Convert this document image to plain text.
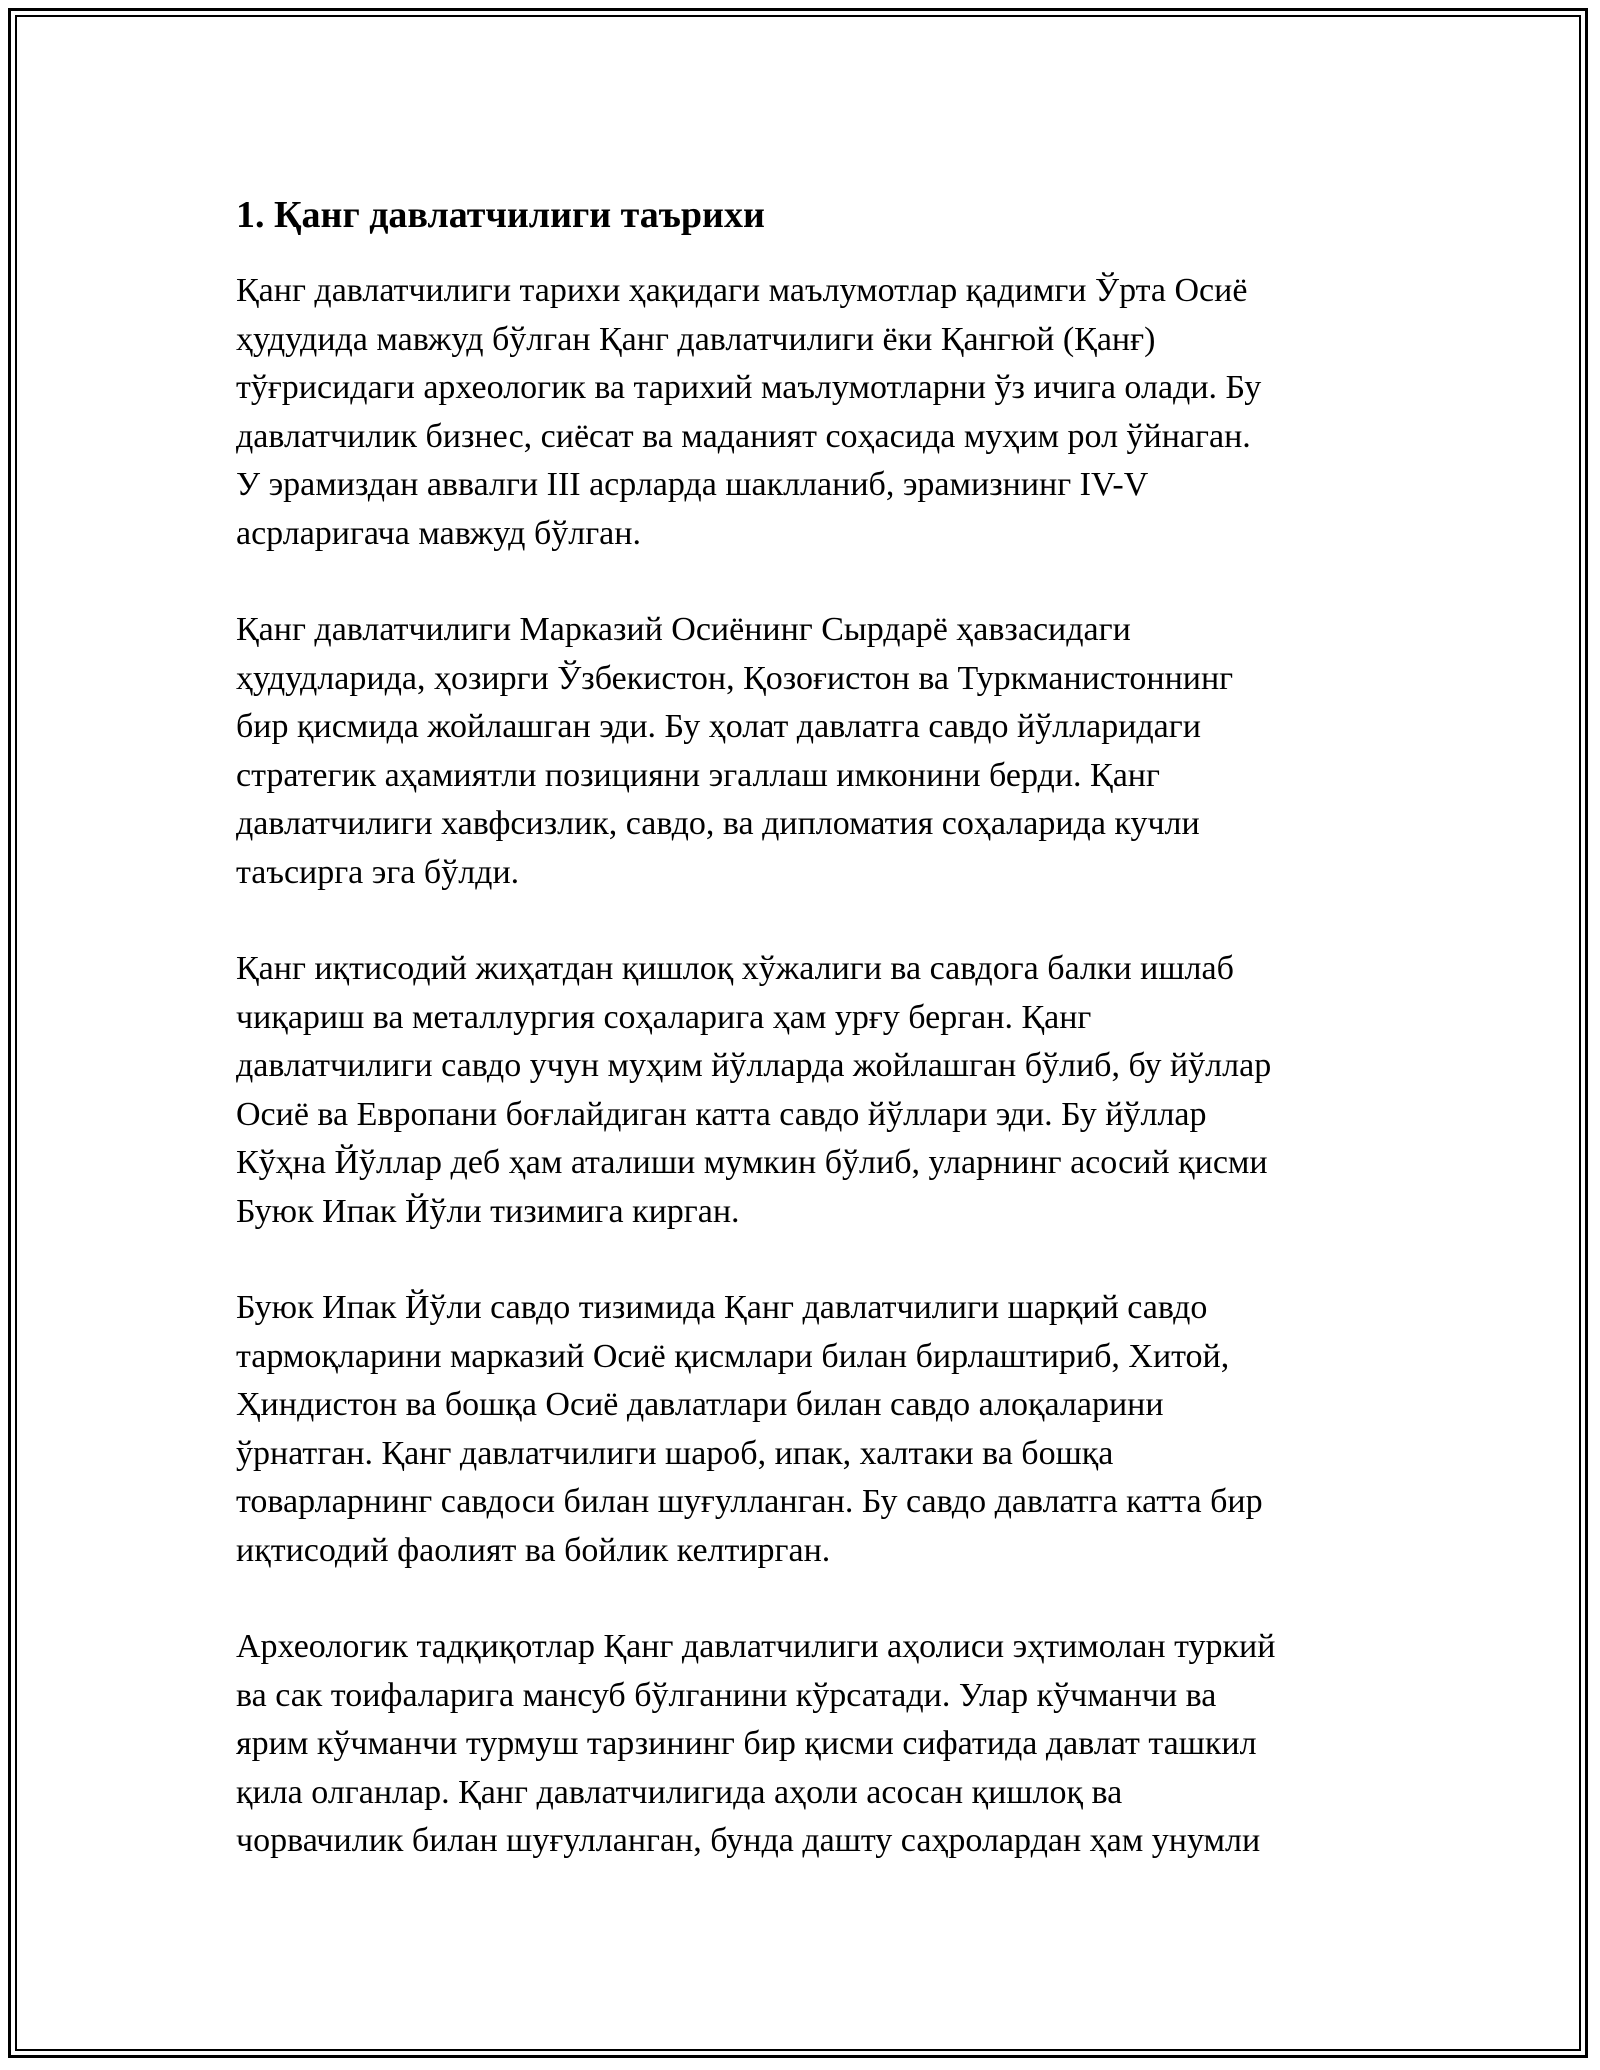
1. Қанг давлатчилиги таърихи

Қанг давлатчилиги тарихи ҳақидаги маълумотлар қадимги Ўрта Осиё
ҳудудида мавжуд бўлган Қанг давлатчилиги ёки Қангюй (Қанғ)
тўғрисидаги археологик ва тарихий маълумотларни ўз ичига олади. Бу
давлатчилик бизнес, сиёсат ва маданият соҳасида муҳим рол ўйнаган.
У эрамиздан аввалги III асрларда шаклланиб, эрамизнинг IV-V
асрларигача мавжуд бўлган.

Қанг давлатчилиги Марказий Осиёнинг Сырдарё ҳавзасидаги
ҳудудларида, ҳозирги Ўзбекистон, Қозоғистон ва Туркманистоннинг
бир қисмида жойлашган эди. Бу ҳолат давлатга савдо йўлларидаги
стратегик аҳамиятли позицияни эгаллаш имконини берди. Қанг
давлатчилиги хавфсизлик, савдо, ва дипломатия соҳаларида кучли
таъсирга эга бўлди.

Қанг иқтисодий жиҳатдан қишлоқ хўжалиги ва савдога балки ишлаб
чиқариш ва металлургия соҳаларига ҳам урғу берган. Қанг
давлатчилиги савдо учун муҳим йўлларда жойлашган бўлиб, бу йўллар
Осиё ва Европани боғлайдиган катта савдо йўллари эди. Бу йўллар
Кўҳна Йўллар деб ҳам аталиши мумкин бўлиб, уларнинг асосий қисми
Буюк Ипак Йўли тизимига кирган.

Буюк Ипак Йўли савдо тизимида Қанг давлатчилиги шарқий савдо
тармоқларини марказий Осиё қисмлари билан бирлаштириб, Хитой,
Ҳиндистон ва бошқа Осиё давлатлари билан савдо алоқаларини
ўрнатган. Қанг давлатчилиги шароб, ипак, халтаки ва бошқа
товарларнинг савдоси билан шуғулланган. Бу савдо давлатга катта бир
иқтисодий фаолият ва бойлик келтирган.

Археологик тадқиқотлар Қанг давлатчилиги аҳолиси эҳтимолан туркий
ва сак тоифаларига мансуб бўлганини кўрсатади. Улар кўчманчи ва
ярим кўчманчи турмуш тарзининг бир қисми сифатида давлат ташкил
қила олганлар. Қанг давлатчилигида аҳоли асосан қишлоқ ва
чорвачилик билан шуғулланган, бунда дашту саҳролардан ҳам унумли
